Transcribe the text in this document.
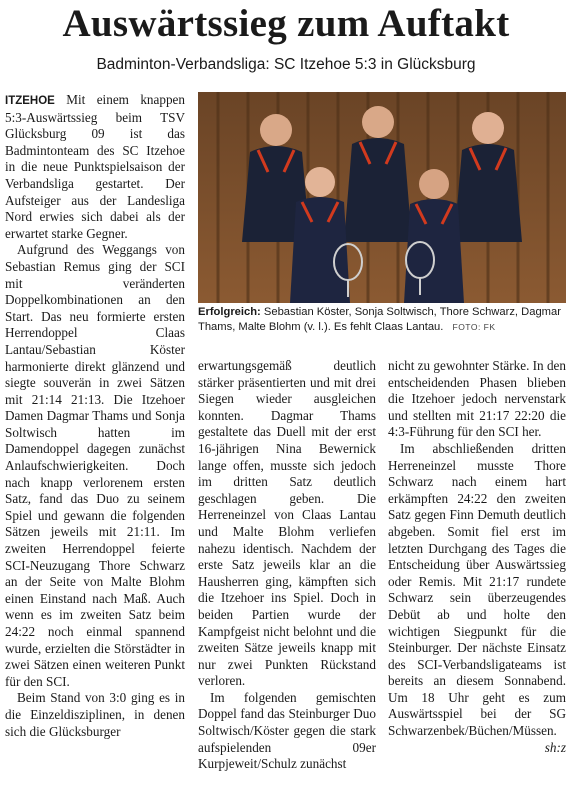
Auswärtssieg zum Auftakt
Badminton-Verbandsliga: SC Itzehoe 5:3 in Glücksburg

ITZEHOE Mit einem knappen 5:3-Auswärtssieg beim TSV Glücksburg 09 ist das Badmintonteam des SC Itzehoe in die neue Punktspielsaison der Verbandsliga gestartet. Der Aufsteiger aus der Landesliga Nord erwies sich dabei als der erwartet starke Gegner.

Aufgrund des Weggangs von Sebastian Remus ging der SCI mit veränderten Doppelkombinationen an den Start. Das neu formierte ersten Herrendoppel Claas Lantau/Sebastian Köster harmonierte direkt glänzend und siegte souverän in zwei Sätzen mit 21:14 21:13. Die Itzehoer Damen Dagmar Thams und Sonja Soltwisch hatten im Damendoppel dagegen zunächst Anlaufschwierigkeiten. Doch nach knapp verlorenem ersten Satz, fand das Duo zu seinem Spiel und gewann die folgenden Sätzen jeweils mit 21:11. Im zweiten Herrendoppel feierte SCI-Neuzugang Thore Schwarz an der Seite von Malte Blohm einen Einstand nach Maß. Auch wenn es im zweiten Satz beim 24:22 noch einmal spannend wurde, erzielten die Störstädter in zwei Sätzen einen weiteren Punkt für den SCI.

Beim Stand von 3:0 ging es in die Einzeldisziplinen, in denen sich die Glücksburger

Erfolgreich: Sebastian Köster, Sonja Soltwisch, Thore Schwarz, Dagmar Thams, Malte Blohm (v. l.). Es fehlt Claas Lantau. FOTO: FK

erwartungsgemäß deutlich stärker präsentierten und mit drei Siegen wieder ausgleichen konnten. Dagmar Thams gestaltete das Duell mit der erst 16-jährigen Nina Bewernick lange offen, musste sich jedoch im dritten Satz deutlich geschlagen geben. Die Herreneinzel von Claas Lantau und Malte Blohm verliefen nahezu identisch. Nachdem der erste Satz jeweils klar an die Hausherren ging, kämpften sich die Itzehoer ins Spiel. Doch in beiden Partien wurde der Kampfgeist nicht belohnt und die zweiten Sätze jeweils knapp mit nur zwei Punkten Rückstand verloren.

Im folgenden gemischten Doppel fand das Steinburger Duo Soltwisch/Köster gegen die stark aufspielenden 09er Kurpjeweit/Schulz zunächst

nicht zu gewohnter Stärke. In den entscheidenden Phasen blieben die Itzehoer jedoch nervenstark und stellten mit 21:17 22:20 die 4:3-Führung für den SCI her.

Im abschließenden dritten Herreneinzel musste Thore Schwarz nach einem hart erkämpften 24:22 den zweiten Satz gegen Finn Demuth deutlich abgeben. Somit fiel erst im letzten Durchgang des Tages die Entscheidung über Auswärtssieg oder Remis. Mit 21:17 rundete Schwarz sein überzeugendes Debüt ab und holte den wichtigen Siegpunkt für die Steinburger. Der nächste Einsatz des SCI-Verbandsligateams ist bereits an diesem Sonnabend. Um 18 Uhr geht es zum Auswärtsspiel bei der SG Schwarzenbek/Büchen/Müssen.

sh:z
